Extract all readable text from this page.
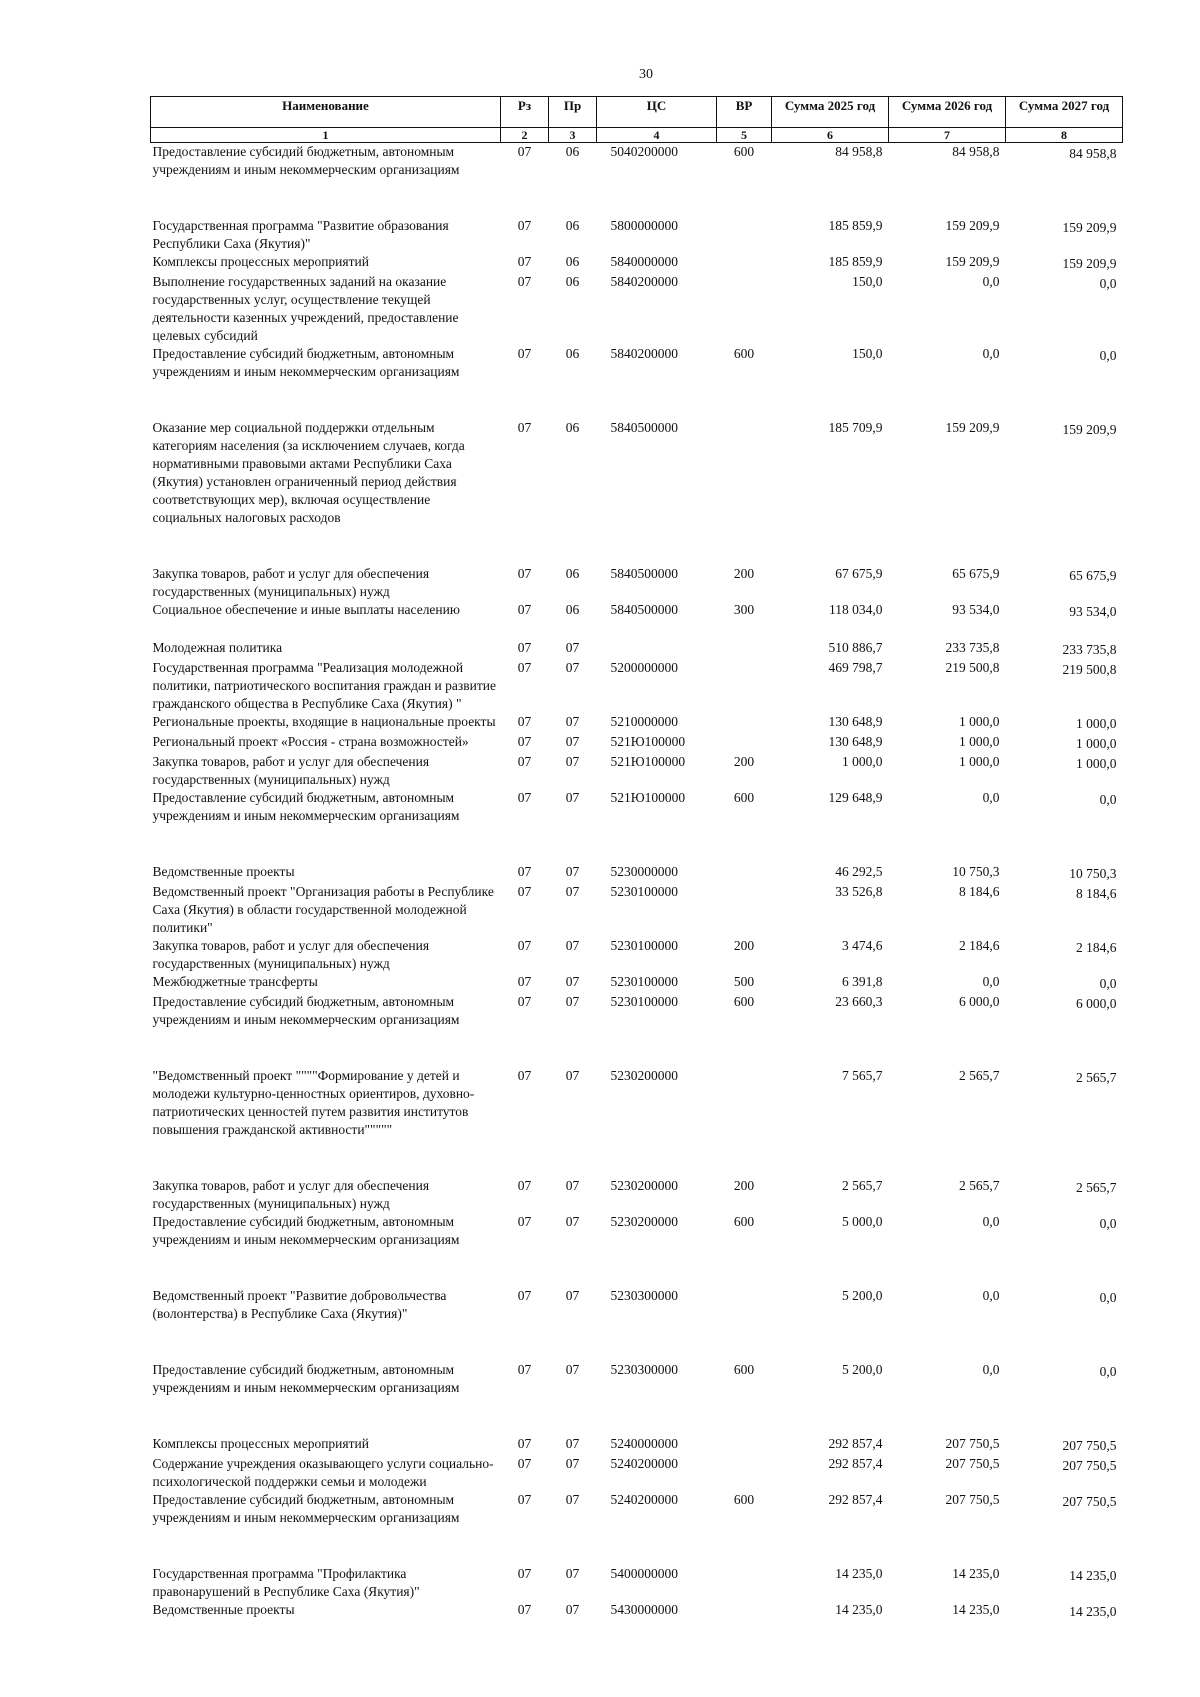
30
Наименование	Рз	Пр	ЦС	ВР	Сумма 2025 год	Сумма 2026 год	Сумма 2027 год
1	2	3	4	5	6	7	8
Предоставление субсидий бюджетным, автономным учреждениям и иным некоммерческим организациям	07	06	5040200000	600	84 958,8	84 958,8	84 958,8
Государственная программа "Развитие образования Республики Саха (Якутия)"	07	06	5800000000		185 859,9	159 209,9	159 209,9
Комплексы процессных мероприятий	07	06	5840000000		185 859,9	159 209,9	159 209,9
Выполнение государственных заданий на оказание государственных услуг, осуществление текущей деятельности казенных учреждений, предоставление целевых субсидий	07	06	5840200000		150,0	0,0	0,0
Предоставление субсидий бюджетным, автономным учреждениям и иным некоммерческим организациям	07	06	5840200000	600	150,0	0,0	0,0
Оказание мер социальной поддержки отдельным категориям населения (за исключением случаев, когда нормативными правовыми актами Республики Саха (Якутия) установлен ограниченный период действия соответствующих мер), включая осуществление социальных налоговых расходов	07	06	5840500000		185 709,9	159 209,9	159 209,9
Закупка товаров, работ и услуг для обеспечения государственных (муниципальных) нужд	07	06	5840500000	200	67 675,9	65 675,9	65 675,9
Социальное обеспечение и иные выплаты населению	07	06	5840500000	300	118 034,0	93 534,0	93 534,0
Молодежная политика	07	07			510 886,7	233 735,8	233 735,8
Государственная программа "Реализация молодежной политики, патриотического воспитания граждан и развитие гражданского общества в Республике Саха (Якутия) "	07	07	5200000000		469 798,7	219 500,8	219 500,8
Региональные проекты, входящие в национальные проекты	07	07	5210000000		130 648,9	1 000,0	1 000,0
Региональный проект «Россия - страна возможностей»	07	07	521Ю100000		130 648,9	1 000,0	1 000,0
Закупка товаров, работ и услуг для обеспечения государственных (муниципальных) нужд	07	07	521Ю100000	200	1 000,0	1 000,0	1 000,0
Предоставление субсидий бюджетным, автономным учреждениям и иным некоммерческим организациям	07	07	521Ю100000	600	129 648,9	0,0	0,0
Ведомственные проекты	07	07	5230000000		46 292,5	10 750,3	10 750,3
Ведомственный проект "Организация работы в Республике Саха (Якутия) в области государственной молодежной политики"	07	07	5230100000		33 526,8	8 184,6	8 184,6
Закупка товаров, работ и услуг для обеспечения государственных (муниципальных) нужд	07	07	5230100000	200	3 474,6	2 184,6	2 184,6
Межбюджетные трансферты	07	07	5230100000	500	6 391,8	0,0	0,0
Предоставление субсидий бюджетным, автономным учреждениям и иным некоммерческим организациям	07	07	5230100000	600	23 660,3	6 000,0	6 000,0
"Ведомственный проект """"Формирование у детей и молодежи культурно-ценностных ориентиров, духовно-патриотических ценностей путем развития институтов повышения гражданской активности"""""	07	07	5230200000		7 565,7	2 565,7	2 565,7
Закупка товаров, работ и услуг для обеспечения государственных (муниципальных) нужд	07	07	5230200000	200	2 565,7	2 565,7	2 565,7
Предоставление субсидий бюджетным, автономным учреждениям и иным некоммерческим организациям	07	07	5230200000	600	5 000,0	0,0	0,0
Ведомственный проект "Развитие добровольчества (волонтерства) в Республике Саха (Якутия)"	07	07	5230300000		5 200,0	0,0	0,0
Предоставление субсидий бюджетным, автономным учреждениям и иным некоммерческим организациям	07	07	5230300000	600	5 200,0	0,0	0,0
Комплексы процессных мероприятий	07	07	5240000000		292 857,4	207 750,5	207 750,5
Содержание учреждения оказывающего услуги социально-психологической поддержки семьи и молодежи	07	07	5240200000		292 857,4	207 750,5	207 750,5
Предоставление субсидий бюджетным, автономным учреждениям и иным некоммерческим организациям	07	07	5240200000	600	292 857,4	207 750,5	207 750,5
Государственная программа "Профилактика правонарушений в Республике Саха (Якутия)"	07	07	5400000000		14 235,0	14 235,0	14 235,0
Ведомственные проекты	07	07	5430000000		14 235,0	14 235,0	14 235,0
